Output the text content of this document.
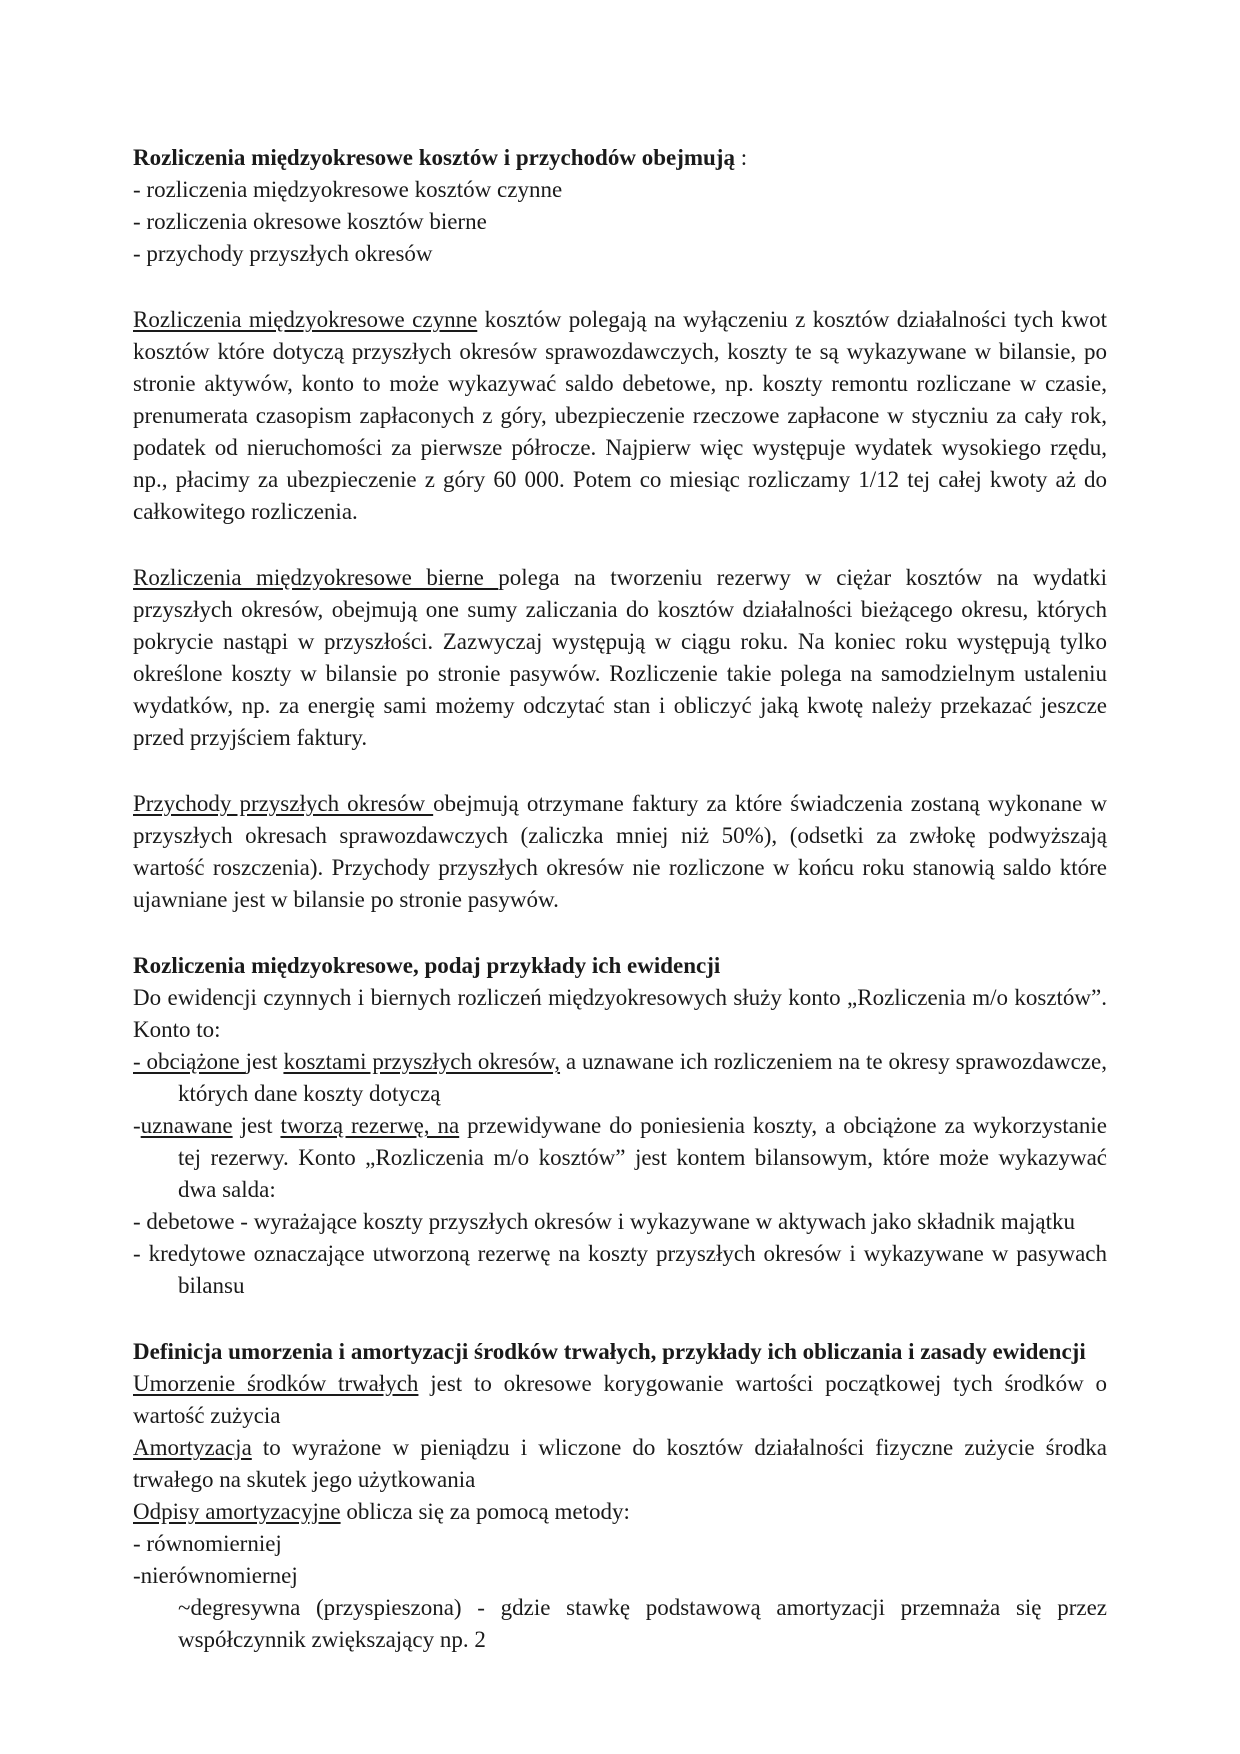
Rozliczenia międzyokresowe kosztów i przychodów obejmują :

- rozliczenia międzyokresowe kosztów czynne

- rozliczenia okresowe kosztów bierne

- przychody przyszłych okresów

Rozliczenia międzyokresowe czynne kosztów polegają na wyłączeniu z kosztów działalności tych kwot kosztów które dotyczą przyszłych okresów sprawozdawczych, koszty te są wykazywane w bilansie, po stronie aktywów, konto to może wykazywać saldo debetowe, np. koszty remontu rozliczane w czasie, prenumerata czasopism zapłaconych z góry, ubezpieczenie rzeczowe zapłacone w styczniu za cały rok, podatek od nieruchomości za pierwsze półrocze. Najpierw więc występuje wydatek wysokiego rzędu, np., płacimy za ubezpieczenie z góry 60 000. Potem co miesiąc rozliczamy 1/12 tej całej kwoty aż do całkowitego rozliczenia.

Rozliczenia międzyokresowe bierne polega na tworzeniu rezerwy w ciężar kosztów na wydatki przyszłych okresów, obejmują one sumy zaliczania do kosztów działalności bieżącego okresu, których pokrycie nastąpi w przyszłości. Zazwyczaj występują w ciągu roku. Na koniec roku występują tylko określone koszty w bilansie po stronie pasywów. Rozliczenie takie polega na samodzielnym ustaleniu wydatków, np. za energię sami możemy odczytać stan i obliczyć jaką kwotę należy przekazać jeszcze przed przyjściem faktury.

Przychody przyszłych okresów obejmują otrzymane faktury za które świadczenia zostaną wykonane w przyszłych okresach sprawozdawczych (zaliczka mniej niż 50%), (odsetki za zwłokę podwyższają wartość roszczenia). Przychody przyszłych okresów nie rozliczone w końcu roku stanowią saldo które ujawniane jest w bilansie po stronie pasywów.

Rozliczenia międzyokresowe, podaj przykłady ich ewidencji

Do ewidencji czynnych i biernych rozliczeń międzyokresowych służy konto „Rozliczenia m/o kosztów”. Konto to:

- obciążone jest kosztami przyszłych okresów, a uznawane ich rozliczeniem na te okresy sprawozdawcze, których dane koszty dotyczą

-uznawane jest tworzą rezerwę, na przewidywane do poniesienia koszty, a obciążone za wykorzystanie tej rezerwy. Konto „Rozliczenia m/o kosztów” jest kontem bilansowym, które może wykazywać dwa salda:

- debetowe - wyrażające koszty przyszłych okresów i wykazywane w aktywach jako składnik majątku

- kredytowe oznaczające utworzoną rezerwę na koszty przyszłych okresów i wykazywane w pasywach bilansu

Definicja umorzenia i amortyzacji środków trwałych, przykłady ich obliczania i zasady ewidencji

Umorzenie środków trwałych jest to okresowe korygowanie wartości początkowej tych środków o wartość zużycia

Amortyzacja to wyrażone w pieniądzu i wliczone do kosztów działalności fizyczne zużycie środka trwałego na skutek jego użytkowania

Odpisy amortyzacyjne oblicza się za pomocą metody:

- równomierniej

-nierównomiernej

~degresywna (przyspieszona) - gdzie stawkę podstawową amortyzacji przemnaża się przez współczynnik zwiększający np. 2
